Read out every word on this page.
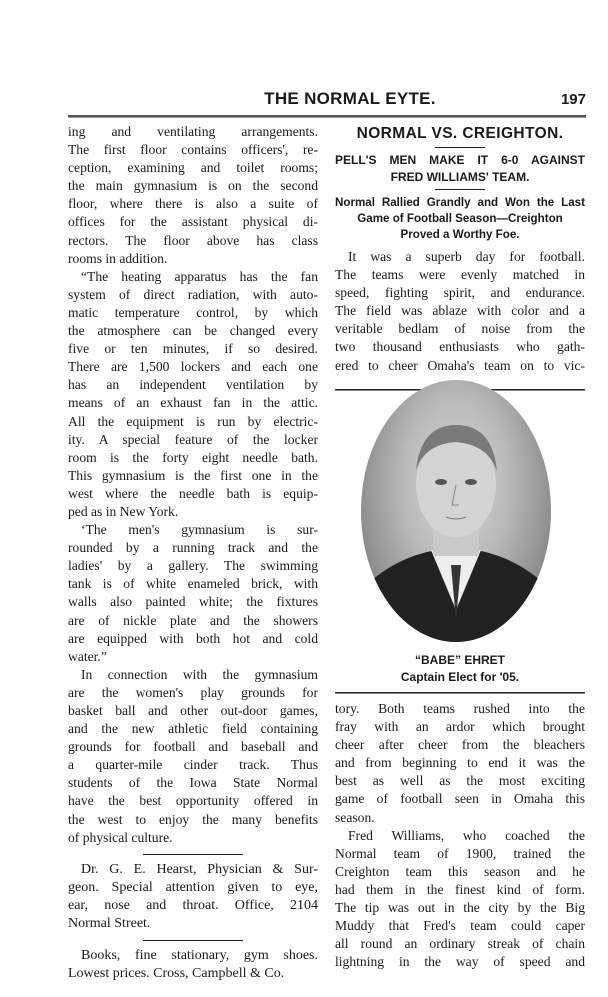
THE NORMAL EYTE.	197
ing and ventilating arrangements.
The first floor contains officers', re-
ception, examining and toilet rooms;
the main gymnasium is on the second
floor, where there is also a suite of
offices for the assistant physical di-
rectors. The floor above has class
rooms in addition.
“The heating apparatus has the fan
system of direct radiation, with auto-
matic temperature control, by which
the atmosphere can be changed every
five or ten minutes, if so desired.
There are 1,500 lockers and each one
has an independent ventilation by
means of an exhaust fan in the attic.
All the equipment is run by electric-
ity. A special feature of the locker
room is the forty eight needle bath.
This gymnasium is the first one in the
west where the needle bath is equip-
ped as in New York.
‘The men's gymnasium is sur-
rounded by a running track and the
ladies' by a gallery. The swimming
tank is of white enameled brick, with
walls also painted white; the fixtures
are of nickle plate and the showers
are equipped with both hot and cold
water.”
In connection with the gymnasium
are the women's play grounds for
basket ball and other out-door games,
and the new athletic field containing
grounds for football and baseball and
a quarter-mile cinder track. Thus
students of the Iowa State Normal
have the best opportunity offered in
the west to enjoy the many benefits
of physical culture.
Dr. G. E. Hearst, Physician & Sur-
geon. Special attention given to eye,
ear, nose and throat. Office, 2104
Normal Street.
Books, fine stationary, gym shoes.
Lowest prices. Cross, Campbell & Co.
NORMAL VS. CREIGHTON.
PELL'S MEN MAKE IT 6-0 AGAINST
FRED WILLIAMS' TEAM.
Normal Rallied Grandly and Won the Last
Game of Football Season—Creighton
Proved a Worthy Foe.
It was a superb day for football.
The teams were evenly matched in
speed, fighting spirit, and endurance.
The field was ablaze with color and a
veritable bedlam of noise from the
two thousand enthusiasts who gath-
ered to cheer Omaha's team on to vic-
“BABE” EHRET
Captain Elect for '05.
tory. Both teams rushed into the
fray with an ardor which brought
cheer after cheer from the bleachers
and from beginning to end it was the
best as well as the most exciting
game of football seen in Omaha this
season.
Fred Williams, who coached the
Normal team of 1900, trained the
Creighton team this season and he
had them in the finest kind of form.
The tip was out in the city by the Big
Muddy that Fred's team could caper
all round an ordinary streak of chain
lightning in the way of speed and
